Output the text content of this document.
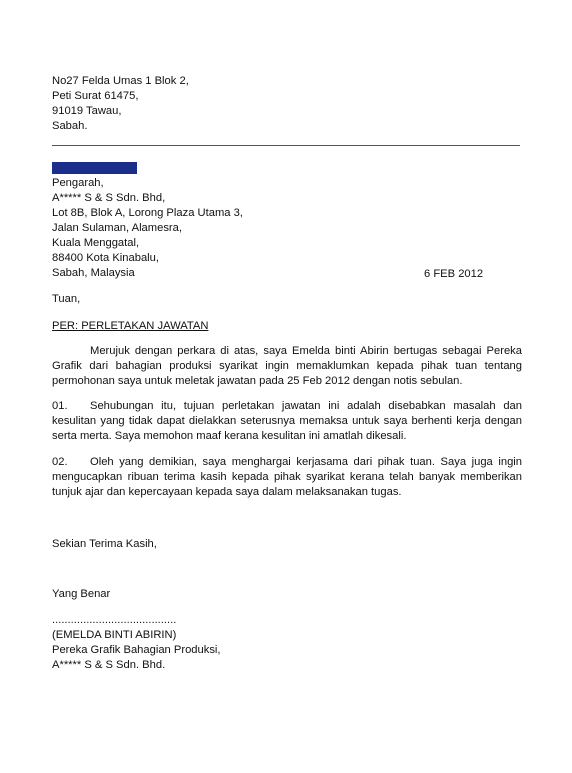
No27 Felda Umas 1 Blok 2,
Peti Surat 61475,
91019 Tawau,
Sabah.
Encik Ben Wong
Pengarah,
A***** S & S Sdn. Bhd,
Lot 8B, Blok A, Lorong Plaza Utama 3,
Jalan Sulaman, Alamesra,
Kuala Menggatal,
88400 Kota Kinabalu,
Sabah, Malaysia	6 FEB 2012
Tuan,
PER: PERLETAKAN JAWATAN
Merujuk dengan perkara di atas, saya Emelda binti Abirin bertugas sebagai Pereka Grafik dari bahagian produksi syarikat ingin memaklumkan kepada pihak tuan tentang permohonan saya untuk meletak jawatan pada 25 Feb 2012 dengan notis sebulan.
01. Sehubungan itu, tujuan perletakan jawatan ini adalah disebabkan masalah dan kesulitan yang tidak dapat dielakkan seterusnya memaksa untuk saya berhenti kerja dengan serta merta. Saya memohon maaf kerana kesulitan ini amatlah dikesali.
02. Oleh yang demikian, saya menghargai kerjasama dari pihak tuan. Saya juga ingin mengucapkan ribuan terima kasih kepada pihak syarikat kerana telah banyak memberikan tunjuk ajar dan kepercayaan kepada saya dalam melaksanakan tugas.
Sekian Terima Kasih,
Yang Benar
........................................
(EMELDA BINTI ABIRIN)
Pereka Grafik Bahagian Produksi,
A***** S & S Sdn. Bhd.
